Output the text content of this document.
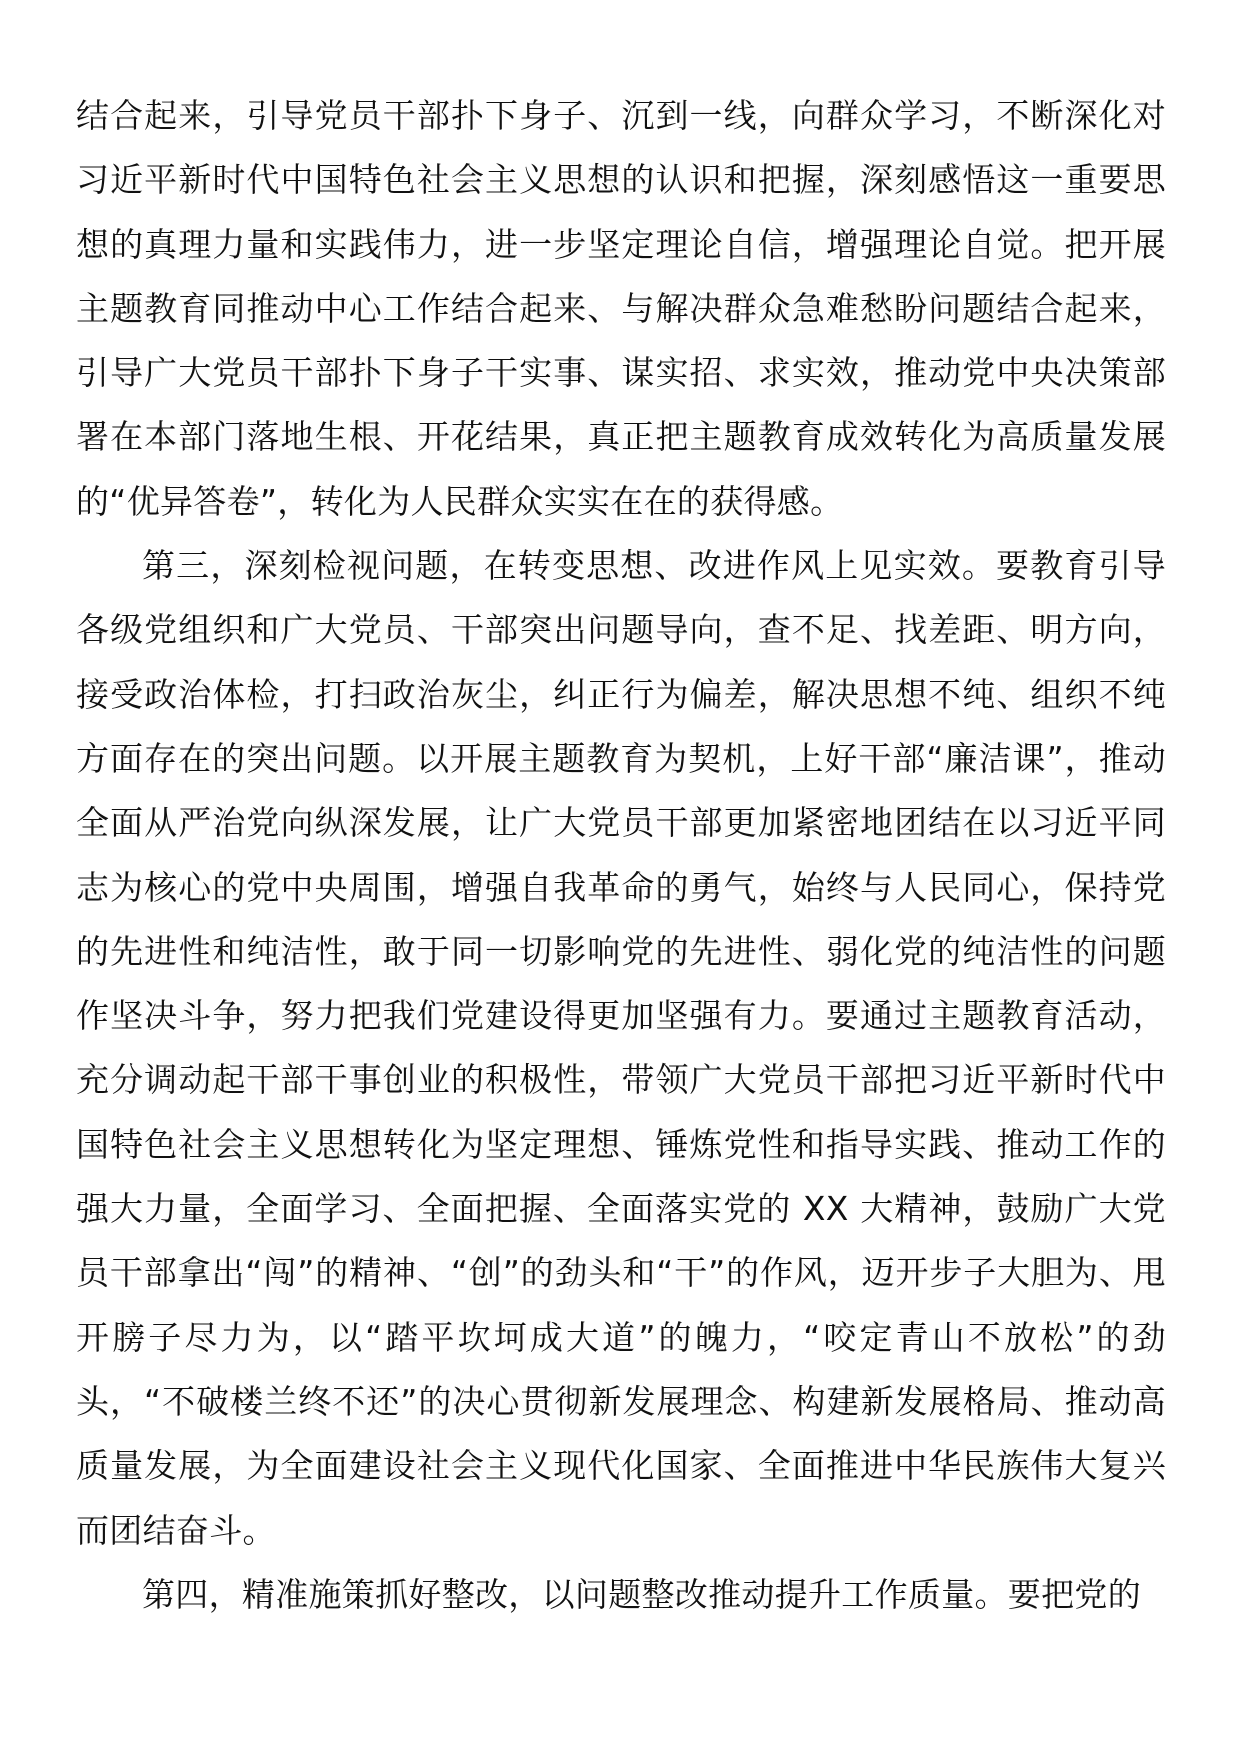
结合起来，引导党员干部扑下身子、沉到一线，向群众学习，不断深化对习近平新时代中国特色社会主义思想的认识和把握，深刻感悟这一重要思想的真理力量和实践伟力，进一步坚定理论自信，增强理论自觉。把开展主题教育同推动中心工作结合起来、与解决群众急难愁盼问题结合起来，引导广大党员干部扑下身子干实事、谋实招、求实效，推动党中央决策部署在本部门落地生根、开花结果，真正把主题教育成效转化为高质量发展的“优异答卷”，转化为人民群众实实在在的获得感。

第三，深刻检视问题，在转变思想、改进作风上见实效。要教育引导各级党组织和广大党员、干部突出问题导向，查不足、找差距、明方向，接受政治体检，打扫政治灰尘，纠正行为偏差，解决思想不纯、组织不纯方面存在的突出问题。以开展主题教育为契机，上好干部“廉洁课”，推动全面从严治党向纵深发展，让广大党员干部更加紧密地团结在以习近平同志为核心的党中央周围，增强自我革命的勇气，始终与人民同心，保持党的先进性和纯洁性，敢于同一切影响党的先进性、弱化党的纯洁性的问题作坚决斗争，努力把我们党建设得更加坚强有力。要通过主题教育活动，充分调动起干部干事创业的积极性，带领广大党员干部把习近平新时代中国特色社会主义思想转化为坚定理想、锤炼党性和指导实践、推动工作的强大力量，全面学习、全面把握、全面落实党的 XX 大精神，鼓励广大党员干部拿出“闯”的精神、“创”的劲头和“干”的作风，迈开步子大胆为、甩开膀子尽力为，以“踏平坎坷成大道”的魄力，“咬定青山不放松”的劲头，“不破楼兰终不还”的决心贯彻新发展理念、构建新发展格局、推动高质量发展，为全面建设社会主义现代化国家、全面推进中华民族伟大复兴而团结奋斗。

第四，精准施策抓好整改，以问题整改推动提升工作质量。要把党的
